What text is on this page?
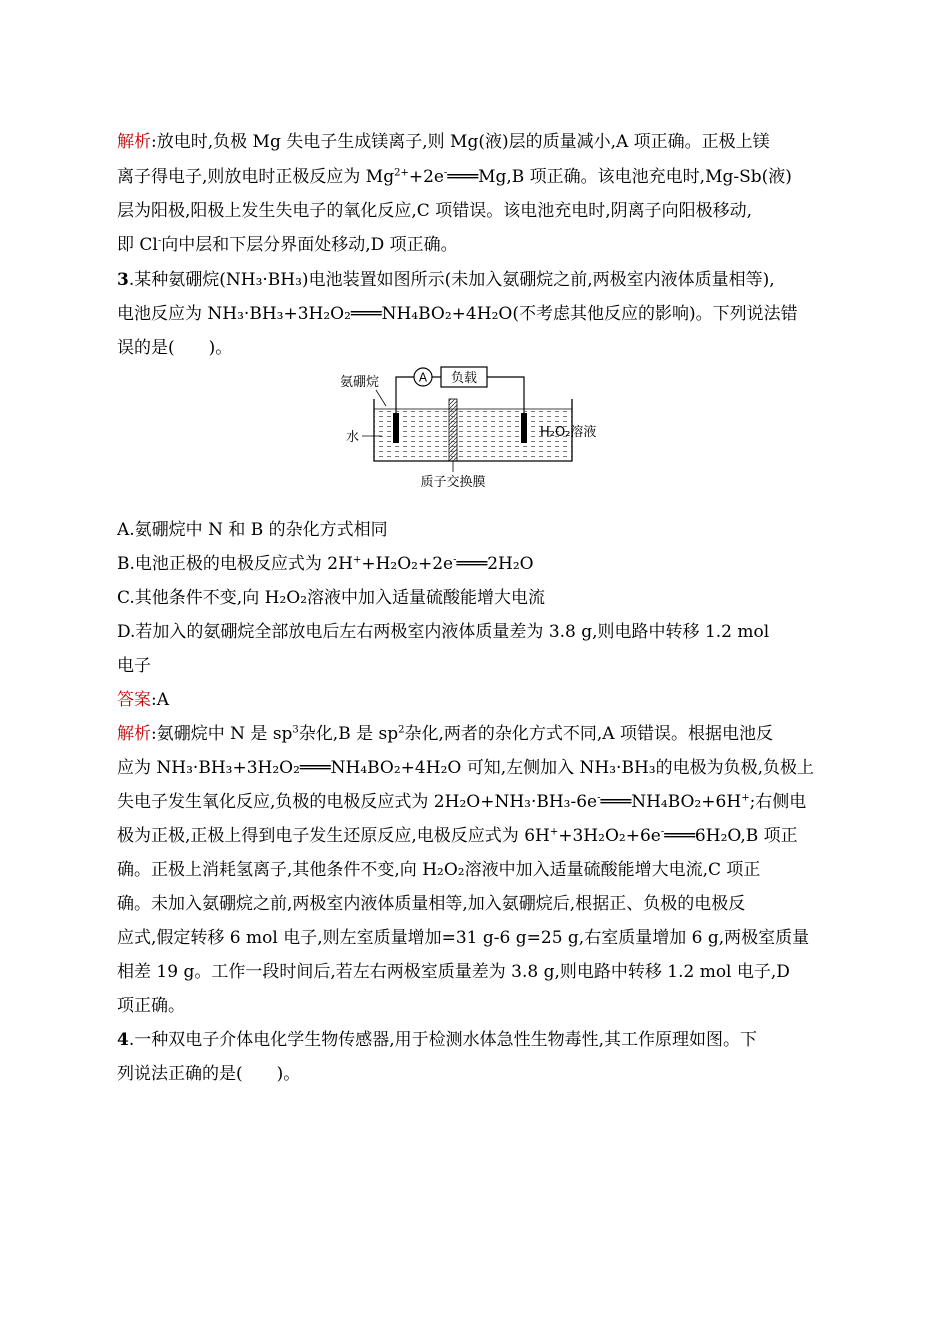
解析:放电时,负极 Mg 失电子生成镁离子,则 Mg(液)层的质量减小,A 项正确。正极上镁
离子得电子,则放电时正极反应为 $Mg^{2+}+2e^-═══Mg,B$ 项正确。该电池充电时,Mg-Sb(液)
层为阳极,阳极上发生失电子的氧化反应,C 项错误。该电池充电时,阴离子向阳极移动,
即 Cl-向中层和下层分界面处移动,D 项正确。
3.某种氨硼烷(NH₃·BH₃)电池装置如图所示(未加入氨硼烷之前,两极室内液体质量相等),
电池反应为 NH₃·BH₃+3H₂O₂═══NH₄BO₂+4H₂O(不考虑其他反应的影响)。下列说法错
误的是(　　)。
A 负载
氨硼烷
水	H₂O₂溶液
质子交换膜
A.氨硼烷中 N 和 B 的杂化方式相同
B.电池正极的电极反应式为 2H++H₂O₂+2e-═══2H₂O
C.其他条件不变,向 H₂O₂溶液中加入适量硫酸能增大电流
D.若加入的氨硼烷全部放电后左右两极室内液体质量差为 3.8 g,则电路中转移 1.2 mol
电子
答案:A
解析:氨硼烷中 N 是 $sp^3$杂化,B 是 $sp^2$杂化,两者的杂化方式不同,A 项错误。根据电池反
应为 NH₃·BH₃+3H₂O₂═══NH₄BO₂+4H₂O 可知,左侧加入 NH₃·BH₃的电极为负极,负极上
失电子发生氧化反应,负极的电极反应式为 2H₂O+NH₃·BH₃-6e-═══NH₄BO₂+6H+;右侧电
极为正极,正极上得到电子发生还原反应,电极反应式为 6H++3H₂O₂+6e-═══6H₂O,B 项正
确。正极上消耗氢离子,其他条件不变,向 H₂O₂溶液中加入适量硫酸能增大电流,C 项正
确。未加入氨硼烷之前,两极室内液体质量相等,加入氨硼烷后,根据正、负极的电极反
应式,假定转移 6 mol 电子,则左室质量增加=31 g-6 g=25 g,右室质量增加 6 g,两极室质量
相差 19 g。工作一段时间后,若左右两极室质量差为 3.8 g,则电路中转移 1.2 mol 电子,D
项正确。
4.一种双电子介体电化学生物传感器,用于检测水体急性生物毒性,其工作原理如图。下
列说法正确的是(　　)。
